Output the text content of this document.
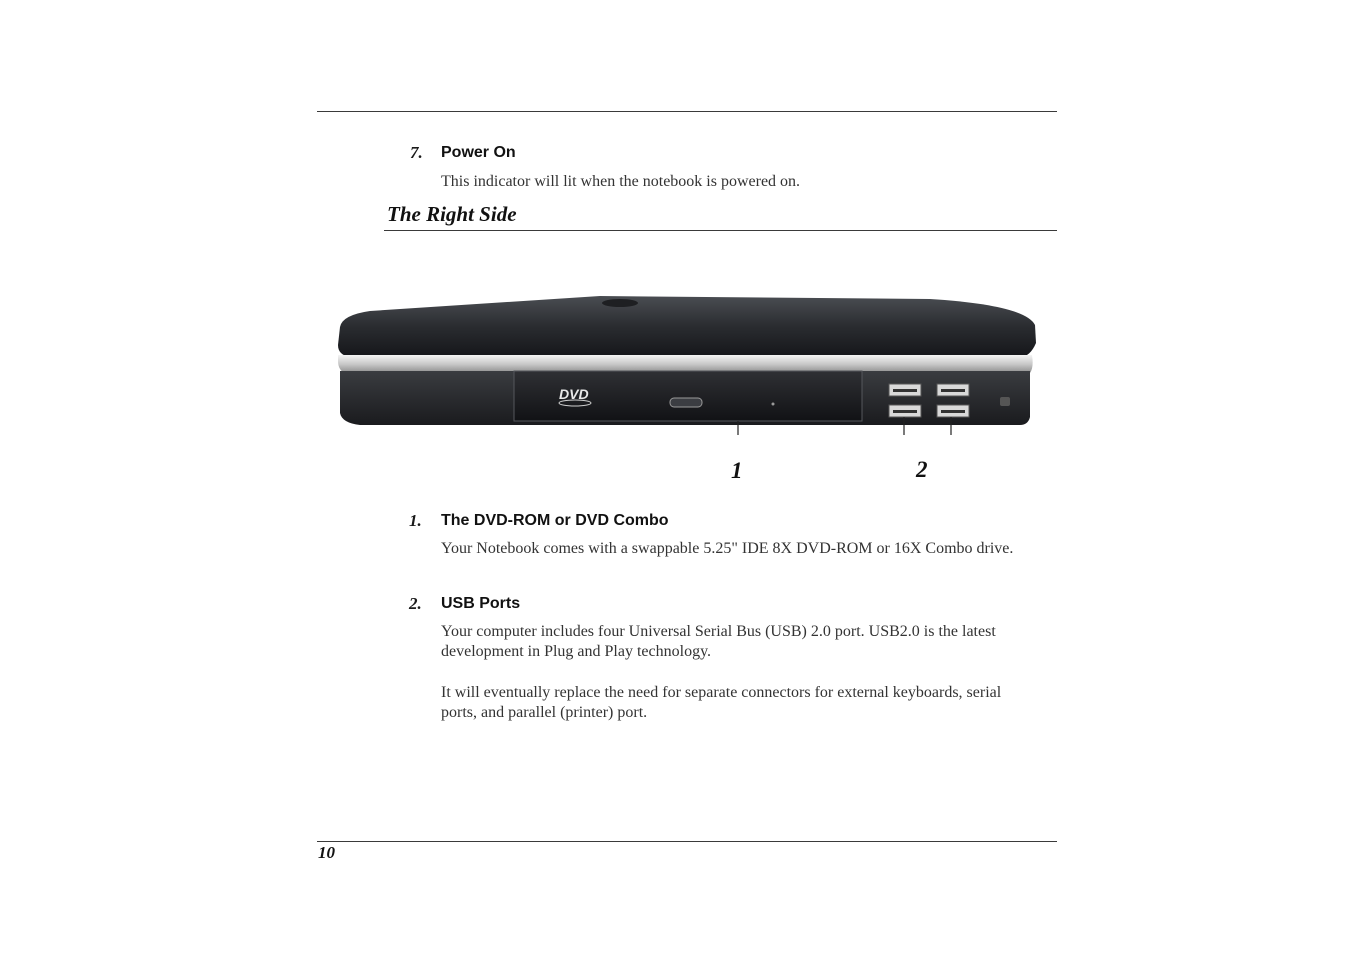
7. Power On
This indicator will lit when the notebook is powered on.
The Right Side
DVD
1	2
1. The DVD-ROM or DVD Combo
Your Notebook comes with a swappable 5.25" IDE 8X DVD-ROM or 16X Combo drive.
2. USB Ports
Your computer includes four Universal Serial Bus (USB) 2.0 port. USB2.0 is the latest development in Plug and Play technology.
It will eventually replace the need for separate connectors for external keyboards, serial ports, and parallel (printer) port.
10
